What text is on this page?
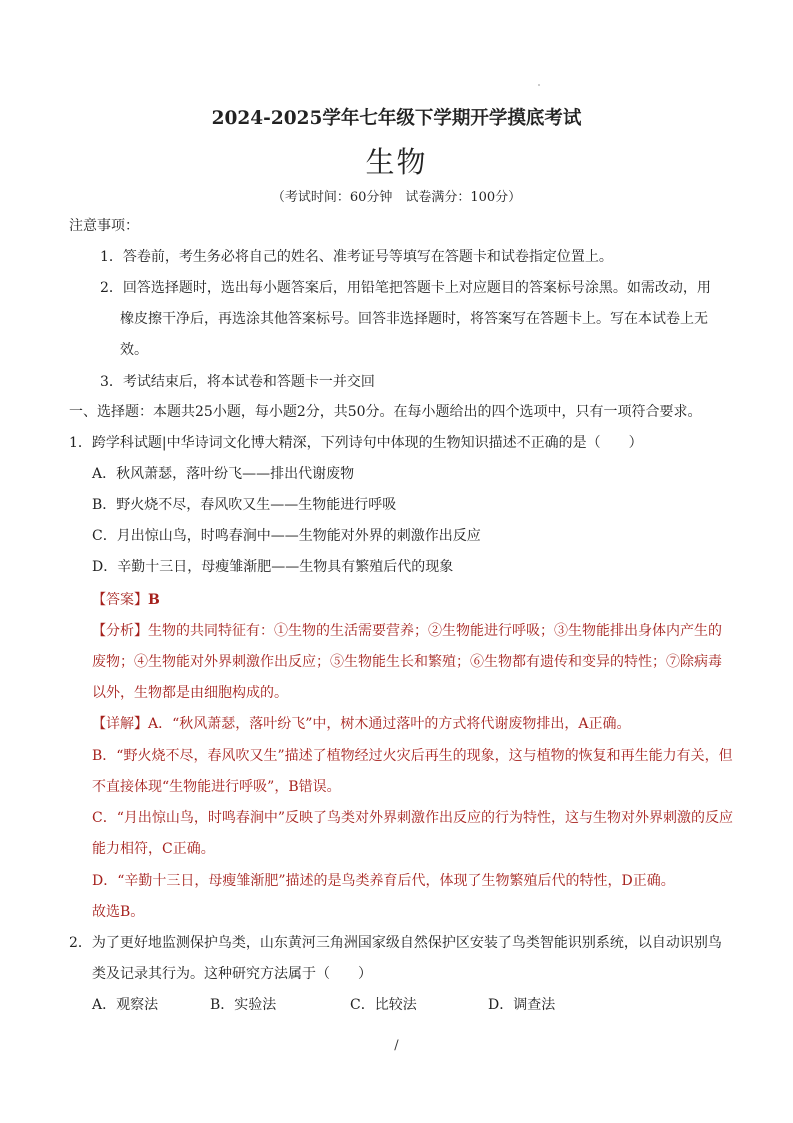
2024-2025学年七年级下学期开学摸底考试
生物
（考试时间：60分钟　试卷满分：100分）
注意事项：
1．答卷前，考生务必将自己的姓名、准考证号等填写在答题卡和试卷指定位置上。
2．回答选择题时，选出每小题答案后，用铅笔把答题卡上对应题目的答案标号涂黑。如需改动，用
橡皮擦干净后，再选涂其他答案标号。回答非选择题时，将答案写在答题卡上。写在本试卷上无
效。
3．考试结束后，将本试卷和答题卡一并交回
一、选择题：本题共25小题，每小题2分，共50分。在每小题给出的四个选项中，只有一项符合要求。
1．跨学科试题|中华诗词文化博大精深，下列诗句中体现的生物知识描述不正确的是（　　）
A．秋风萧瑟，落叶纷飞——排出代谢废物
B．野火烧不尽，春风吹又生——生物能进行呼吸
C．月出惊山鸟，时鸣春涧中——生物能对外界的刺激作出反应
D．辛勤十三日，母瘦雏渐肥——生物具有繁殖后代的现象
【答案】B
【分析】生物的共同特征有：①生物的生活需要营养；②生物能进行呼吸；③生物能排出身体内产生的
废物；④生物能对外界刺激作出反应；⑤生物能生长和繁殖；⑥生物都有遗传和变异的特性；⑦除病毒
以外，生物都是由细胞构成的。
【详解】A．“秋风萧瑟，落叶纷飞”中，树木通过落叶的方式将代谢废物排出，A正确。
B．“野火烧不尽，春风吹又生”描述了植物经过火灾后再生的现象，这与植物的恢复和再生能力有关，但
不直接体现“生物能进行呼吸”，B错误。
C．“月出惊山鸟，时鸣春涧中”反映了鸟类对外界刺激作出反应的行为特性，这与生物对外界刺激的反应
能力相符，C正确。
D．“辛勤十三日，母瘦雏渐肥”描述的是鸟类养育后代，体现了生物繁殖后代的特性，D正确。
故选B。
2．为了更好地监测保护鸟类，山东黄河三角洲国家级自然保护区安装了鸟类智能识别系统，以自动识别鸟
类及记录其行为。这种研究方法属于（　　）
A．观察法	B．实验法	C．比较法	D．调查法
/
